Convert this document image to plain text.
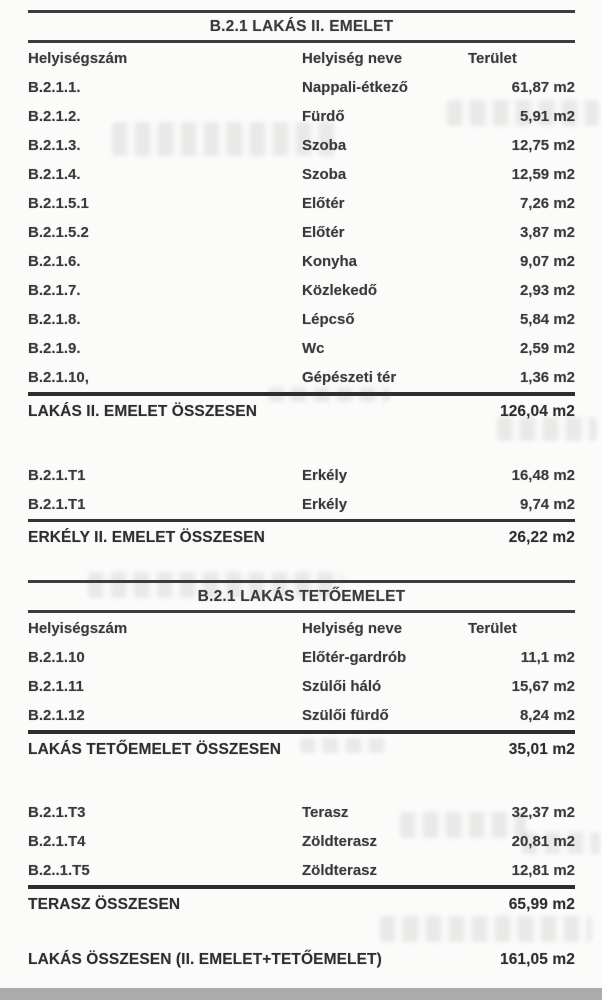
B.2.1 LAKÁS II. EMELET
Helyiségszám	Helyiség neve	Terület
B.2.1.1.	Nappali-étkező	61,87 m2
B.2.1.2.	Fürdő	5,91 m2
B.2.1.3.	Szoba	12,75 m2
B.2.1.4.	Szoba	12,59 m2
B.2.1.5.1	Előtér	7,26 m2
B.2.1.5.2	Előtér	3,87 m2
B.2.1.6.	Konyha	9,07 m2
B.2.1.7.	Közlekedő	2,93 m2
B.2.1.8.	Lépcső	5,84 m2
B.2.1.9.	Wc	2,59 m2
B.2.1.10,	Gépészeti tér	1,36 m2
LAKÁS II. EMELET ÖSSZESEN	126,04 m2
B.2.1.T1	Erkély	16,48 m2
B.2.1.T1	Erkély	9,74 m2
ERKÉLY II. EMELET ÖSSZESEN	26,22 m2
B.2.1 LAKÁS TETŐEMELET
Helyiségszám	Helyiség neve	Terület
B.2.1.10	Előtér-gardrób	11,1 m2
B.2.1.11	Szülői háló	15,67 m2
B.2.1.12	Szülői fürdő	8,24 m2
LAKÁS TETŐEMELET ÖSSZESEN	35,01 m2
B.2.1.T3	Terasz	32,37 m2
B.2.1.T4	Zöldterasz	20,81 m2
B.2..1.T5	Zöldterasz	12,81 m2
TERASZ ÖSSZESEN	65,99 m2
LAKÁS ÖSSZESEN (II. EMELET+TETŐEMELET)	161,05 m2
